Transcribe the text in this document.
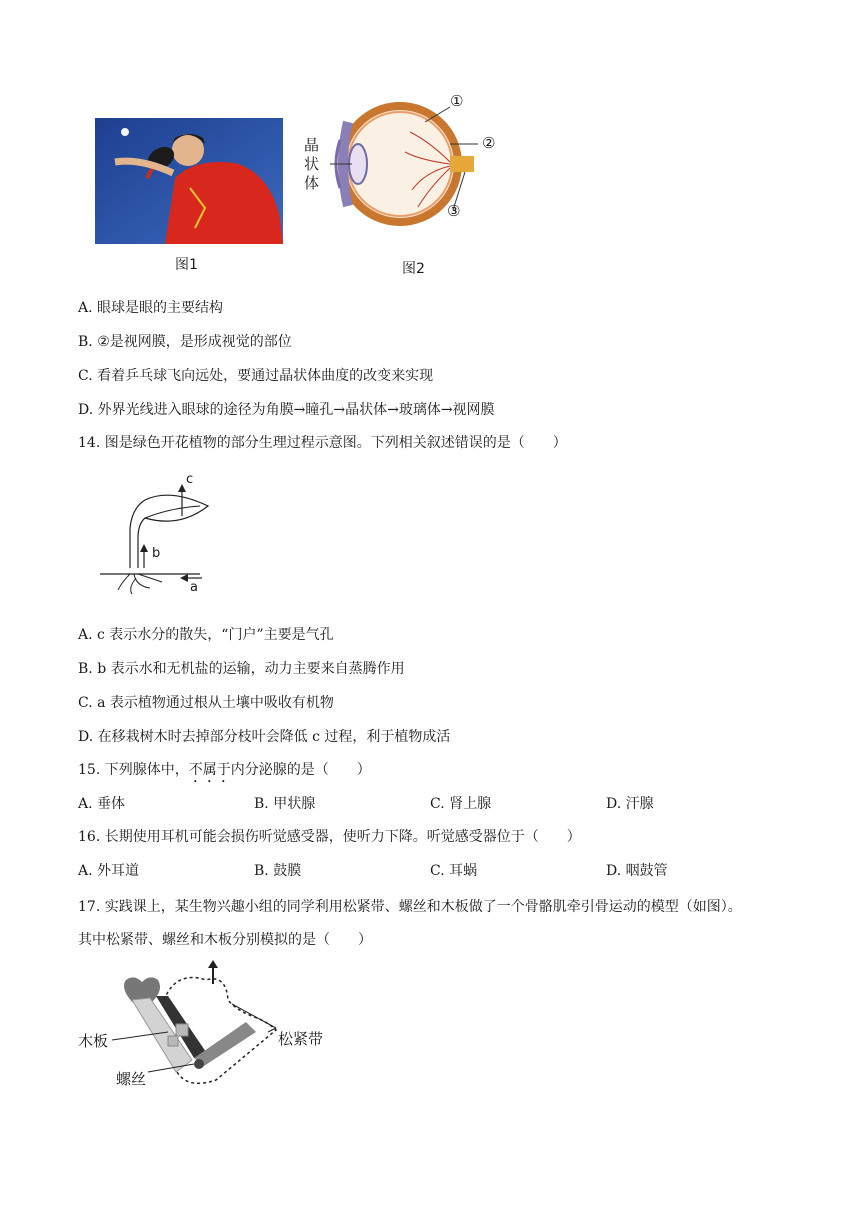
图1
①
②
③
晶状体
图2
A. 眼球是眼的主要结构
B. ②是视网膜，是形成视觉的部位
C. 看着乒乓球飞向远处，要通过晶状体曲度的改变来实现
D. 外界光线进入眼球的途径为角膜→瞳孔→晶状体→玻璃体→视网膜
14. 图是绿色开花植物的部分生理过程示意图。下列相关叙述错误的是（　　）
c
b
a
A. c 表示水分的散失，“门户”主要是气孔
B. b 表示水和无机盐的运输，动力主要来自蒸腾作用
C. a 表示植物通过根从土壤中吸收有机物
D. 在移栽树木时去掉部分枝叶会降低 c 过程，利于植物成活
15. 下列腺体中，不属于内分泌腺的是（　　）
A. 垂体	B. 甲状腺	C. 肾上腺	D. 汗腺
16. 长期使用耳机可能会损伤听觉感受器，使听力下降。听觉感受器位于（　　）
A. 外耳道	B. 鼓膜	C. 耳蜗	D. 咽鼓管
17. 实践课上，某生物兴趣小组的同学利用松紧带、螺丝和木板做了一个骨骼肌牵引骨运动的模型（如图）。
其中松紧带、螺丝和木板分别模拟的是（　　）
木板
螺丝
松紧带
